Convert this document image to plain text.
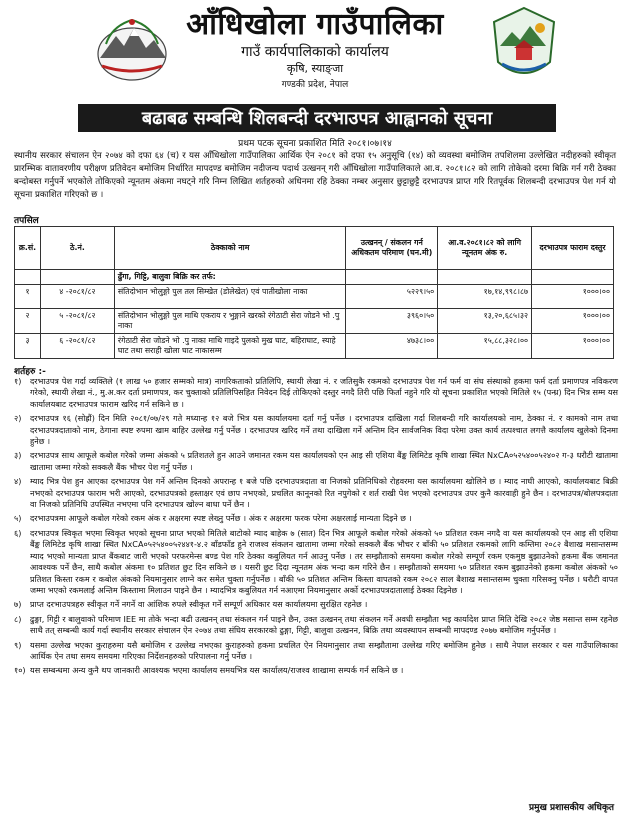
आँधिखोला गाउँपालिका
गाउँ कार्यपालिकाको कार्यालय
कृषि, स्याङ्जा
गण्डकी प्रदेश, नेपाल
बढाबढ सम्बन्धि शिलबन्दी दरभाउपत्र आह्वानको सूचना
प्रथम पटक सूचना प्रकाशित मिति २०८१।०७।१४
स्थानीय सरकार संचालन ऐन २०७४ को दफा ६४ (च) र यस आँधिखोला गाउँपालिका आर्थिक ऐन २०८१ को दफा १५ अनुसूचि (१४) को व्यवस्था बमोजिम तपशिलमा उल्लेखित नदीहरुको स्वीकृत प्रारम्भिक वातावरणीय परीक्षण प्रतिवेदन बमोजिम निर्धारित मापदण्ड बमोजिम नदीजन्य पदार्थ उत्खनन् गरी आँधिखोला गाउँपालिकाले आ.व. २०८१।८२ को लागि तोकेको दरमा बिक्रि गर्न गरी ठेक्का बन्दोबस्त गर्नुपर्ने भएकोले तोकिएको न्यूनतम अंकमा नघट्ने गरि निम्न लिखित शर्तहरुको अधिनमा रहि ठेक्का नम्बर अनुसार छुट्टाछुट्टै दरभाउपत्र प्राप्त गरि रितपूर्वक शिलबन्दी दरभाउपत्र पेश गर्न यो सूचना प्रकाशित गरिएको छ ।
तपसिल
क्र.सं.	ठे.नं.	ठेक्काको नाम	उत्खनन् / संकलन गर्न अधिकतम परिमाण (घन.मी)	आ.व.२०८१।८२ को लागि न्यूनतम अंक रु.	दरभाउपत्र फाराम दस्तुर
		ढुँगा, गिट्टि, बालुवा बिक्रि कर तर्फ:			
१	४ -२०८१/८२	संतिदोभान भोलुङ्गो पुल तल सिम्खेत (डोलेखेत) एवं पातीखोला नाका	५२२९।५०	१७,१४,९९८।८७	१०००।००
२	५ -२०८१/८२	संतिदोभान भोलुङ्गो पुल माथि एकराय र भुङ्गाने खरको रंगेठाटी सेरा जोडने भो .पु नाका	३९६०।५०	१३,२०,६८५।३२	१०००।००
३	६ -२०८१/८२	रंगेठाटी सेरा जोडने भो .पु नाका माथि गाइदे पुलको मुख घाट, बहिराघाट, स्याहे घाट तथा सराही खोला घाट नाकासम्म	४७३८।००	१५,८८,३२८।००	१०००।००
शर्तहरु :-
१) दरभाउपत्र पेश गर्दा व्यक्तिले (१ लाख ५० हजार सम्मको मात्र) नागरिकताको प्रतिलिपि, स्थायी लेखा नं. र जतिसुकै रकमको दरभाउपत्र पेश गर्न फर्म वा संघ संस्थाको हकमा फर्म दर्ता प्रमाणपत्र नविकरण गरेको, स्थायी लेखा नं., मु.अ.कर दर्ता प्रमाणपत्र, कर चुक्ताको प्रतिलिपिसहित निवेदन दिई तोकिएको दस्तुर नगदै तिरी पछि फिर्ता नहुने गरि यो सूचना प्रकाशित भएको मितिले १५ (पन्ध्र) दिन भित्र सम्म यस कार्यालयबाट दरभाउपत्र फाराम खरिद गर्न सकिने छ ।
२) दरभाउपत्र १६ (सोह्रौं) दिन मिति २०८१/०७/२९ गते मध्यान्ह १२ बजे भित्र यस कार्यालयमा दर्ता गर्नु पर्नेछ । दरभाउपत्र दाखिला गर्दा शिलबन्दी गरि कार्यालयको नाम, ठेक्का नं. र कामको नाम तथा दरभाउपत्रदाताको नाम, ठेगाना स्पष्ट रुपमा खाम बाहिर उल्लेख गर्नु पर्नेछ । दरभाउपत्र खरिद गर्ने तथा दाखिला गर्ने अन्तिम दिन सार्वजनिक विदा परेमा उक्त कार्य तत्पश्चात लगत्तै कार्यालय खुलेको दिनमा हुनेछ ।
३) दरभाउपत्र साथ आफूले कबोल गरेको जम्मा अंकको ५ प्रतिशतले हुन आउने जमानत रकम यस कार्यालयको एन आइ सी एशिया बैंङ्क लिमिटेड कृषि शाखा स्थित NxCA०५२५४००५२४०२ ग-३ धरौटी खातामा खातामा जम्मा गरेको सक्कलै बैंक भौचर पेश गर्नु पर्नेछ ।
४) म्याद भित्र पेश हुन आएका दरभाउपत्र पेश गर्ने अन्तिम दिनको अपरान्ह १ बजे पछि दरभाउपत्रदाता वा निजको प्रतिनिधिको रोहवरमा यस कार्यालयमा खोलिने छ । म्याद नाघी आएको, कार्यालयबाट बिक्री नभएको दरभाउपत्र फाराम भरी आएको, दरभाउपत्रको हस्ताक्षर एवं छाप नभएको, प्रचलित कानूनको रित नपुगेको र शर्त राखी पेश भएको दरभाउपत्र उपर कुनै कारवाही हुने छैन । दरभाउपत्र/बोलपत्रदाता वा निजको प्रतिनिधि उपस्थित नभएमा पनि दरभाउपत्र खोल्न बाधा पर्ने छैन ।
५) दरभाउपत्रमा आफूले कबोल गरेको रकम अंक र अक्षरमा स्पष्ट लेख्नु पर्नेछ । अंक र अक्षरमा फरक परेमा अक्षरलाई मान्यता दिइने छ ।
६) दरभाउपत्र स्विकृत भएमा स्विकृत भएको सूचना प्राप्त भएको मितिले बाटोको म्याद बाहेक ७ (सात) दिन भित्र आफूले कबोल गरेको अंकको ५० प्रतिशत रकम नगदै वा यस कार्यालयको एन आइ सी एशिया बैंङ्क लिमिटेड कृषि शाखा स्थित NxCA०५२५४००५२४४१-४.२ बाँडफाँड हुने राजश्व संकलन खातामा जम्मा गरेको सक्कलै बैंक भौचर र बाँकी ५० प्रतिशत रकमको लागि कम्तिमा २०८२ बैशाख मसान्तसम्म म्याद भएको मान्यता प्राप्त बैंकबाट जारी भएको परफरमेन्स बण्ड पेश गरि ठेक्का कबुलियत गर्न आउनु पर्नेछ । तर सम्झौताको समयमा कबोल गरेको सम्पूर्ण रकम एकमुष्ठ बुझाउनेको हकमा बैंक जमानत आवश्यक पर्ने छैन, साथै कबोल अंकमा १० प्रतिशत छुट दिन सकिने छ । यसरी छुट दिदा न्यूनतम अंक भन्दा कम गरिने छैन । सम्झौताको समयमा ५० प्रतिशत रकम बुझाउनेको हकमा कबोल अंकको ५० प्रतिशत किस्ता रकम र कबोल अंकको नियमानुसार लाग्ने कर समेत चुक्ता गर्नुपर्नेछ । बाँकी ५० प्रतिशत अन्तिम किस्ता वापतको रकम २०८२ साल बैशाख मसान्तसम्म चुक्ता गरिसक्नु पर्नेछ । धरौटी वापत जम्मा भएको रकमलाई अन्तिम किस्तामा मिलाउन पाइने छैन । म्यादभित्र कबुलियत गर्न नआएमा नियमानुसार अर्को दरभाउपत्रदातालाई ठेक्का दिइनेछ ।
७) प्राप्त दरभाउपत्रहरु स्वीकृत गर्ने नगर्ने वा आंशिक रुपले स्वीकृत गर्ने सम्पूर्ण अधिकार यस कार्यालयमा सुरक्षित रहनेछ ।
८) ढुङ्गा, गिट्टी र बालुवाको परिमाण IEE मा तोके भन्दा बढी उत्खनन् तथा संकलन गर्न पाइने छैन, उक्त उत्खनन् तथा संकलन गर्ने अवधी सम्झौता भइ कार्यादेश प्राप्त मिति देखि २०८२ जेष्ठ मसान्त सम्म रहनेछ साथै तत् सम्बन्धी कार्य गर्दा स्थानीय सरकार संचालन ऐन २०७४ तथा संघिय सरकारको ढुङ्गा, गिट्टी, बालुवा उत्खनन, बिक्रि तथा व्यवस्थापन सम्बन्धी मापदण्ड २०७७ बमोजिम गर्नुपर्नेछ ।
९) यसमा उल्लेख भएका कुराहरुमा यसै बमोजिम र उल्लेख नभएका कुराहरुको हकमा प्रचलित ऐन नियमानुसार तथा सम्झौतामा उल्लेख गरिए बमोजिम हुनेछ । साथै नेपाल सरकार र यस गाउँपालिकाका आर्थिक ऐन तथा समय समयमा गरिएका निर्देशनहरुको परिपालना गर्नु पर्नेछ ।
१०) यस सम्बन्धमा अन्य कुनै थप जानकारी आवश्यक भएमा कार्यालय समयभित्र यस कार्यालय/राजश्व शाखामा सम्पर्क गर्न सकिने छ ।
प्रमुख प्रशासकीय अधिकृत
